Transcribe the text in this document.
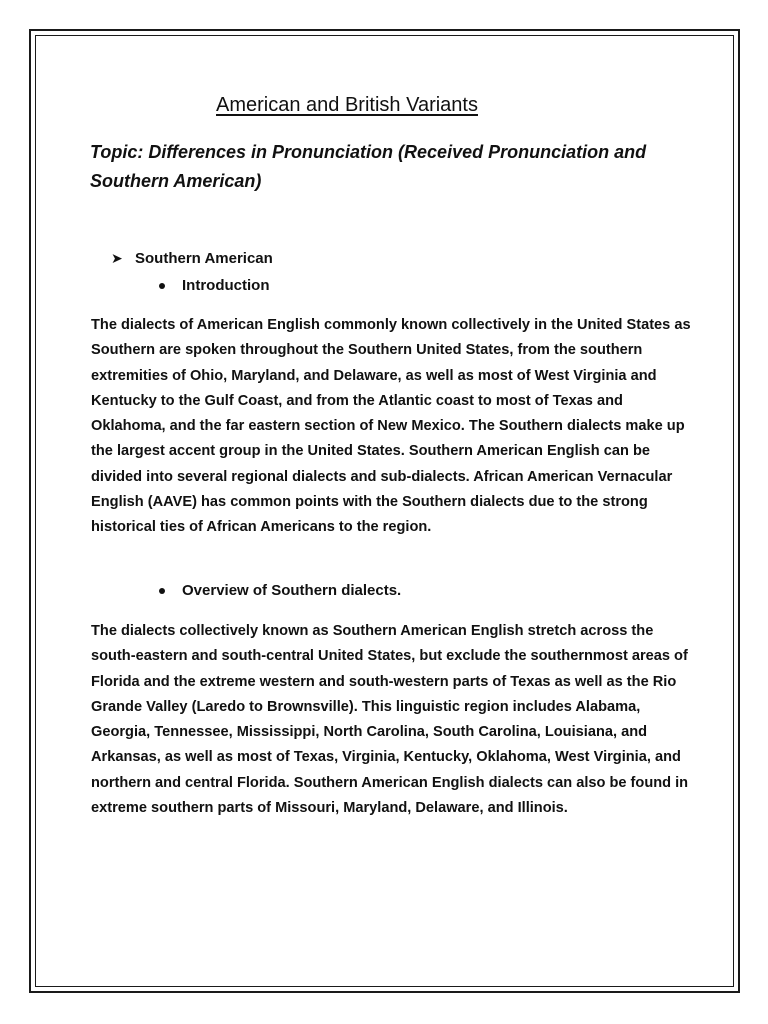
American and British Variants

Topic: Differences in Pronunciation (Received Pronunciation and Southern American)

➤ Southern American
Introduction

The dialects of American English commonly known collectively in the United States as Southern are spoken throughout the Southern United States, from the southern extremities of Ohio, Maryland, and Delaware, as well as most of West Virginia and Kentucky to the Gulf Coast, and from the Atlantic coast to most of Texas and Oklahoma, and the far eastern section of New Mexico. The Southern dialects make up the largest accent group in the United States. Southern American English can be divided into several regional dialects and sub-dialects. African American Vernacular English (AAVE) has common points with the Southern dialects due to the strong historical ties of African Americans to the region.

Overview of Southern dialects.

The dialects collectively known as Southern American English stretch across the south-eastern and south-central United States, but exclude the southernmost areas of Florida and the extreme western and south-western parts of Texas as well as the Rio Grande Valley (Laredo to Brownsville). This linguistic region includes Alabama, Georgia, Tennessee, Mississippi, North Carolina, South Carolina, Louisiana, and Arkansas, as well as most of Texas, Virginia, Kentucky, Oklahoma, West Virginia, and northern and central Florida. Southern American English dialects can also be found in extreme southern parts of Missouri, Maryland, Delaware, and Illinois.
